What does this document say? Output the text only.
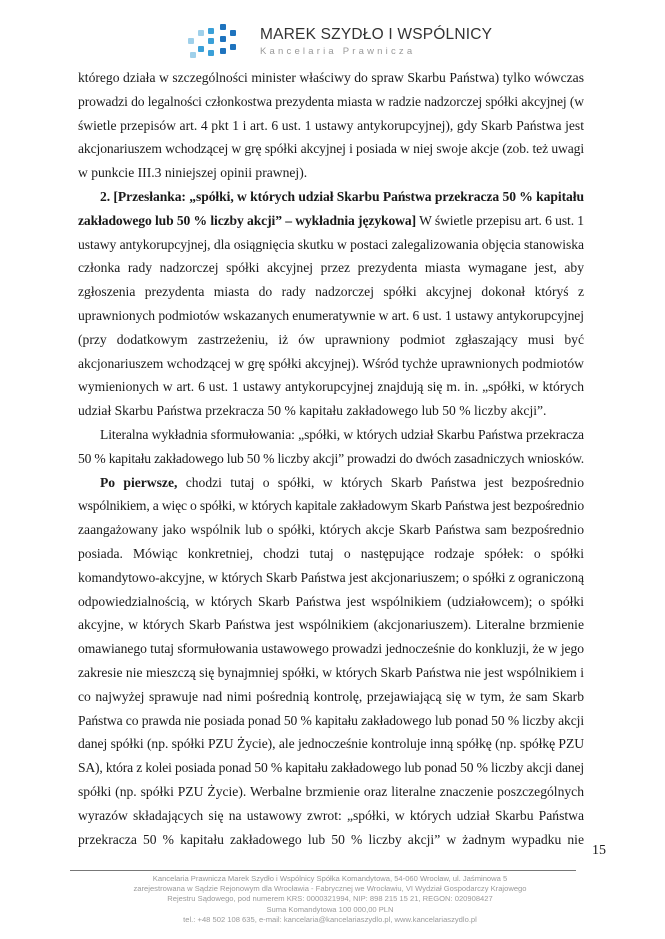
MAREK SZYDŁO I WSPÓLNICY
Kancelaria Prawnicza
którego działa w szczególności minister właściwy do spraw Skarbu Państwa) tylko wówczas
prowadzi do legalności członkostwa prezydenta miasta w radzie nadzorczej spółki akcyjnej (w
świetle przepisów art. 4 pkt 1 i art. 6 ust. 1 ustawy antykorupcyjnej), gdy Skarb Państwa jest
akcjonariuszem wchodzącej w grę spółki akcyjnej i posiada w niej swoje akcje (zob. też uwagi
w punkcie III.3 niniejszej opinii prawnej).
2. [Przesłanka: „spółki, w których udział Skarbu Państwa przekracza 50 % kapitału
zakładowego lub 50 % liczby akcji” – wykładnia językowa] W świetle przepisu art. 6 ust. 1
ustawy antykorupcyjnej, dla osiągnięcia skutku w postaci zalegalizowania objęcia stanowiska
członka rady nadzorczej spółki akcyjnej przez prezydenta miasta wymagane jest, aby
zgłoszenia prezydenta miasta do rady nadzorczej spółki akcyjnej dokonał któryś z
uprawnionych podmiotów wskazanych enumeratywnie w art. 6 ust. 1 ustawy antykorupcyjnej
(przy dodatkowym zastrzeżeniu, iż ów uprawniony podmiot zgłaszający musi być
akcjonariuszem wchodzącej w grę spółki akcyjnej). Wśród tychże uprawnionych podmiotów
wymienionych w art. 6 ust. 1 ustawy antykorupcyjnej znajdują się m. in. „spółki, w których
udział Skarbu Państwa przekracza 50 % kapitału zakładowego lub 50 % liczby akcji”.
Literalna wykładnia sformułowania: „spółki, w których udział Skarbu Państwa przekracza
50 % kapitału zakładowego lub 50 % liczby akcji” prowadzi do dwóch zasadniczych wniosków.
Po pierwsze, chodzi tutaj o spółki, w których Skarb Państwa jest bezpośrednio
wspólnikiem, a więc o spółki, w których kapitale zakładowym Skarb Państwa jest bezpośrednio
zaangażowany jako wspólnik lub o spółki, których akcje Skarb Państwa sam bezpośrednio
posiada. Mówiąc konkretniej, chodzi tutaj o następujące rodzaje spółek: o spółki
komandytowo-akcyjne, w których Skarb Państwa jest akcjonariuszem; o spółki z ograniczoną
odpowiedzialnością, w których Skarb Państwa jest wspólnikiem (udziałowcem); o spółki
akcyjne, w których Skarb Państwa jest wspólnikiem (akcjonariuszem). Literalne brzmienie
omawianego tutaj sformułowania ustawowego prowadzi jednocześnie do konkluzji, że w jego
zakresie nie mieszczą się bynajmniej spółki, w których Skarb Państwa nie jest wspólnikiem i
co najwyżej sprawuje nad nimi pośrednią kontrolę, przejawiającą się w tym, że sam Skarb
Państwa co prawda nie posiada ponad 50 % kapitału zakładowego lub ponad 50 % liczby akcji
danej spółki (np. spółki PZU Życie), ale jednocześnie kontroluje inną spółkę (np. spółkę PZU
SA), która z kolei posiada ponad 50 % kapitału zakładowego lub ponad 50 % liczby akcji danej
spółki (np. spółki PZU Życie). Werbalne brzmienie oraz literalne znaczenie poszczególnych
wyrazów składających się na ustawowy zwrot: „spółki, w których udział Skarbu Państwa
przekracza 50 % kapitału zakładowego lub 50 % liczby akcji” w żadnym wypadku nie
15
Kancelaria Prawnicza Marek Szydło i Wspólnicy Spółka Komandytowa, 54-060 Wrocław, ul. Jaśminowa 5
zarejestrowana w Sądzie Rejonowym dla Wrocławia - Fabrycznej we Wrocławiu, VI Wydział Gospodarczy Krajowego
Rejestru Sądowego, pod numerem KRS: 0000321994, NIP: 898 215 15 21, REGON: 020908427
Suma Komandytowa 100 000,00 PLN
tel.: +48 502 108 635, e-mail: kancelaria@kancelariaszydlo.pl, www.kancelariaszydlo.pl
